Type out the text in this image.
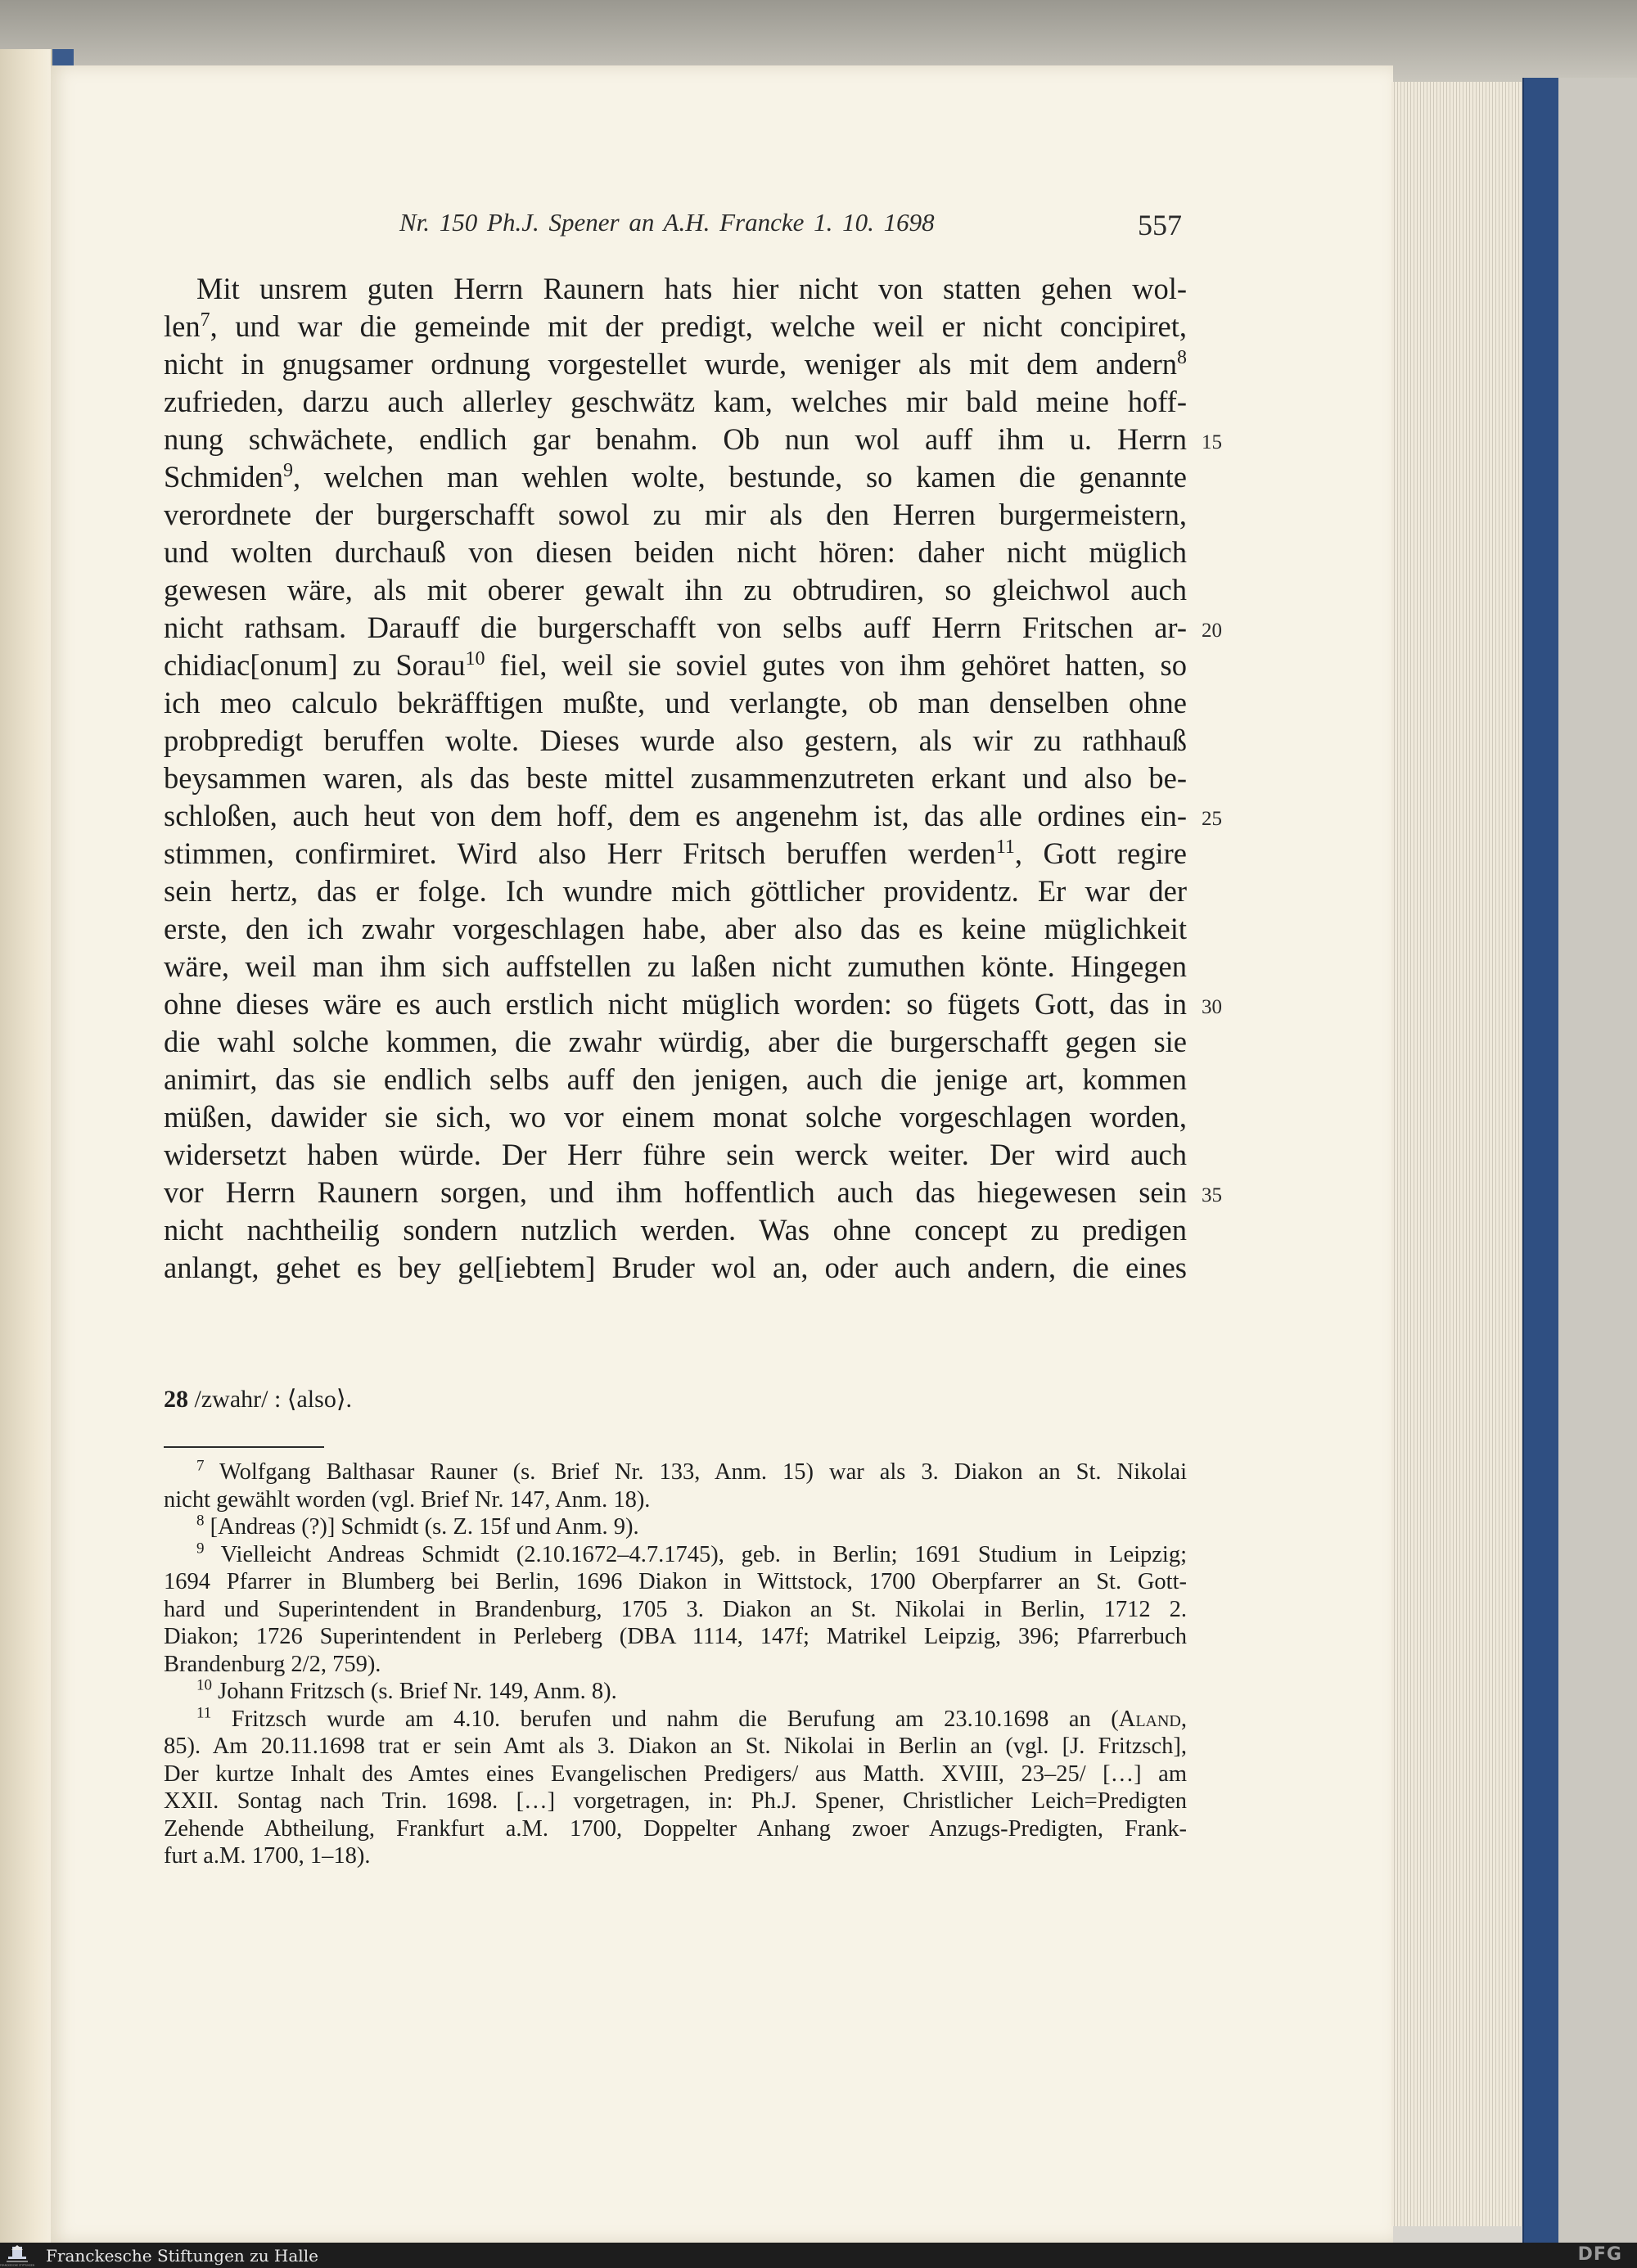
Nr. 150 Ph.J. Spener an A.H. Francke 1. 10. 1698	557
Mit unsrem guten Herrn Raunern hats hier nicht von statten gehen wol-
len$^7$, und war die gemeinde mit der predigt, welche weil er nicht concipiret,
nicht in gnugsamer ordnung vorgestellet wurde, weniger als mit dem andern$^8$
zufrieden, darzu auch allerley geschwätz kam, welches mir bald meine hoff-
nung schwächete, endlich gar benahm. Ob nun wol auff ihm u. Herrn
Schmiden$^9$, welchen man wehlen wolte, bestunde, so kamen die genannte
verordnete der burgerschafft sowol zu mir als den Herren burgermeistern,
und wolten durchauß von diesen beiden nicht hören: daher nicht müglich
gewesen wäre, als mit oberer gewalt ihn zu obtrudiren, so gleichwol auch
nicht rathsam. Darauff die burgerschafft von selbs auff Herrn Fritschen ar-
chidiac[onum] zu Sorau$^{10}$ fiel, weil sie soviel gutes von ihm gehöret hatten, so
ich meo calculo bekräfftigen mußte, und verlangte, ob man denselben ohne
probpredigt beruffen wolte. Dieses wurde also gestern, als wir zu rathhauß
beysammen waren, als das beste mittel zusammenzutreten erkant und also be-
schloßen, auch heut von dem hoff, dem es angenehm ist, das alle ordines ein-
stimmen, confirmiret. Wird also Herr Fritsch beruffen werden$^{11}$, Gott regire
sein hertz, das er folge. Ich wundre mich göttlicher providentz. Er war der
erste, den ich zwahr vorgeschlagen habe, aber also das es keine müglichkeit
wäre, weil man ihm sich auffstellen zu laßen nicht zumuthen könte. Hingegen
ohne dieses wäre es auch erstlich nicht müglich worden: so fügets Gott, das in
die wahl solche kommen, die zwahr würdig, aber die burgerschafft gegen sie
animirt, das sie endlich selbs auff den jenigen, auch die jenige art, kommen
müßen, dawider sie sich, wo vor einem monat solche vorgeschlagen worden,
widersetzt haben würde. Der Herr führe sein werck weiter. Der wird auch
vor Herrn Raunern sorgen, und ihm hoffentlich auch das hiegewesen sein
nicht nachtheilig sondern nutzlich werden. Was ohne concept zu predigen
anlangt, gehet es bey gel[iebtem] Bruder wol an, oder auch andern, die eines
15
20
25
30
35
28 /zwahr/ : ⟨also⟩.
$^7$ Wolfgang Balthasar Rauner (s. Brief Nr. 133, Anm. 15) war als 3. Diakon an St. Nikolai
nicht gewählt worden (vgl. Brief Nr. 147, Anm. 18).
$^8$ [Andreas (?)] Schmidt (s. Z. 15f und Anm. 9).
$^9$ Vielleicht Andreas Schmidt (2.10.1672–4.7.1745), geb. in Berlin; 1691 Studium in Leipzig;
1694 Pfarrer in Blumberg bei Berlin, 1696 Diakon in Wittstock, 1700 Oberpfarrer an St. Gott-
hard und Superintendent in Brandenburg, 1705 3. Diakon an St. Nikolai in Berlin, 1712 2.
Diakon; 1726 Superintendent in Perleberg (DBA 1114, 147f; Matrikel Leipzig, 396; Pfarrerbuch
Brandenburg 2/2, 759).
$^{10}$ Johann Fritzsch (s. Brief Nr. 149, Anm. 8).
$^{11}$ Fritzsch wurde am 4.10. berufen und nahm die Berufung am 23.10.1698 an (Aland,
85). Am 20.11.1698 trat er sein Amt als 3. Diakon an St. Nikolai in Berlin an (vgl. [J. Fritzsch],
Der kurtze Inhalt des Amtes eines Evangelischen Predigers/ aus Matth. XVIII, 23–25/ […] am
XXII. Sontag nach Trin. 1698. […] vorgetragen, in: Ph.J. Spener, Christlicher Leich=Predigten
Zehende Abtheilung, Frankfurt a.M. 1700, Doppelter Anhang zwoer Anzugs-Predigten, Frank-
furt a.M. 1700, 1–18).
FRANCKESCHE STIFTUNGEN Franckesche Stiftungen zu Halle	DFG
